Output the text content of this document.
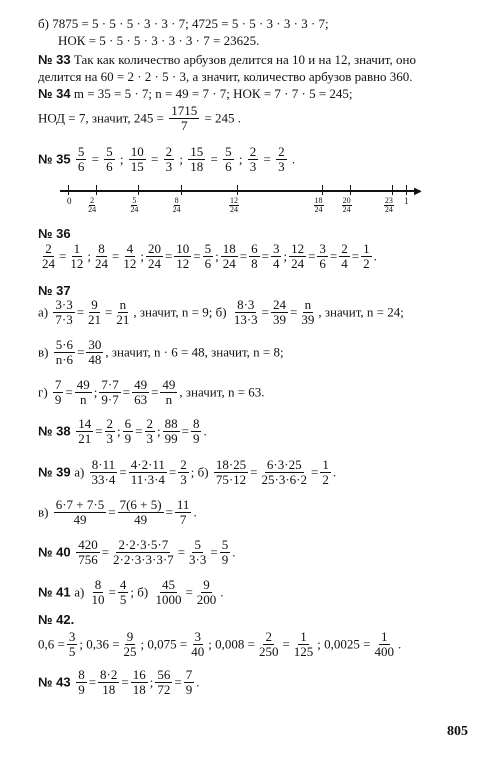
б) 7875 = 5 · 5 · 5 · 3 · 3 · 7; 4725 = 5 · 5 · 3 · 3 · 3 · 7;
НОК = 5 · 5 · 5 · 3 · 3 · 3 · 7 = 23625.
№ 33 Так как количество арбузов делится на 10 и на 12, значит, оно
делится на 60 = 2 · 2 · 5 · 3, а значит, количество арбузов равно 360.
№ 34 m = 35 = 5 · 7; n = 49 = 7 · 7; НОК = 7 · 7 · 5 = 245;
НОД = 7, значит, $245 = \frac{1715}{7} = 245$ .
№ $35 \frac{5}{6} = \frac{5}{6}$ ; $\frac{10}{15} = \frac{2}{3}$ ; $\frac{15}{18} = \frac{5}{6}$ ; $\frac{2}{3} = \frac{2}{3}$ .
▶
0	1
2
24
5
24
8
24
12
24
18
24
20
24
23
24
№ 36
$\frac{2}{24} = \frac{1}{12}$ ; $\frac{8}{24} = \frac{4}{12}$ ; $\frac{20}{24} = \frac{10}{12} = \frac{5}{6}$ ; $\frac{18}{24} = \frac{6}{8} = \frac{3}{4}$ ; $\frac{12}{24} = \frac{3}{6} = \frac{2}{4} = \frac{1}{2}$ .
№ 37
$а) \frac{3\cdot 3}{7\cdot 3} = \frac{9}{21} = \frac{n}{21}$ , значит, n = 9; $б) \frac{8\cdot 3}{13\cdot 3} = \frac{24}{39} = \frac{n}{39}$ , значит, n = 24;
$в) \frac{5\cdot 6}{n\cdot 6} = \frac{30}{48}$ , значит, n · 6 = 48, значит, n = 8;
$г) \frac{7}{9} = \frac{49}{n}$ ; $\frac{7\cdot 7}{9\cdot 7} = \frac{49}{63} = \frac{49}{n}$ , значит, n = 63.
№ $38 \frac{14}{21} = \frac{2}{3}$ ; $\frac{6}{9} = \frac{2}{3}$ ; $\frac{88}{99} = \frac{8}{9}$ .
№ 39 $а) \frac{8\cdot 11}{33\cdot 4} = \frac{4\cdot 2\cdot 11}{11\cdot 3\cdot 4} = \frac{2}{3}$ ; $б) \frac{18\cdot 25}{75\cdot 12} = \frac{6\cdot 3\cdot 25}{25\cdot 3\cdot 6\cdot 2} = \frac{1}{2}$ .
$в) \frac{6\cdot 7 + 7\cdot 5}{49} = \frac{7(6 + 5)}{49} = \frac{11}{7}$ .
№ $40 \frac{420}{756} = \frac{2\cdot 2\cdot 3\cdot 5\cdot 7}{2\cdot 2\cdot 3\cdot 3\cdot 3\cdot 7} = \frac{5}{3\cdot 3} = \frac{5}{9}$ .
№ 41 $а) \frac{8}{10} = \frac{4}{5}$ ; $б) \frac{45}{1000} = \frac{9}{200}$ .
№ 42.
$0,6 = \frac{3}{5}$ ; $0,36 = \frac{9}{25}$ ; $0,075 = \frac{3}{40}$ ; $0,008 = \frac{2}{250} = \frac{1}{125}$ ; $0,0025 = \frac{1}{400}$ .
№ $43 \frac{8}{9} = \frac{8\cdot 2}{18} = \frac{16}{18}$ ; $\frac{56}{72} = \frac{7}{9}$ .
805
